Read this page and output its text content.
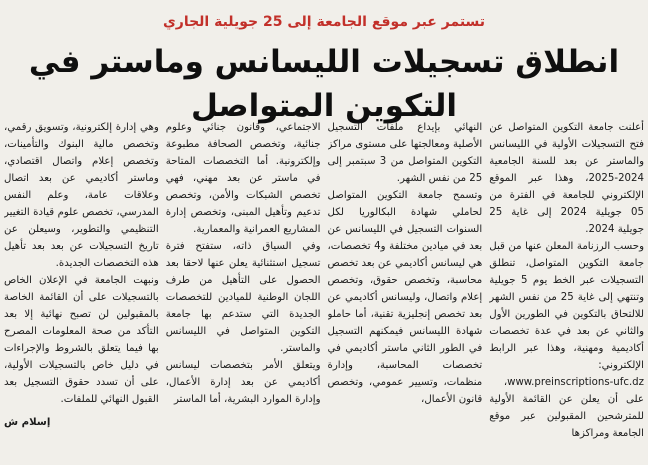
تستمر عبر موقع الجامعة إلى 25 جويلية الجاري
انطلاق تسجيلات الليسانس وماستر في التكوين المتواصل

أعلنت جامعة التكوين المتواصل عن فتح التسجيلات الأولية في الليسانس والماستر عن بعد للسنة الجامعية 2024-2025، وهذا عبر الموقع الإلكتروني للجامعة في الفترة من 05 جويلية 2024 إلى غاية 25 جويلية 2024.
وحسب الرزنامة المعلن عنها من قبل جامعة التكوين المتواصل، تنطلق التسجيلات عبر الخط يوم 5 جويلية وتنتهي إلى غاية 25 من نفس الشهر للالتحاق بالتكوين في الطورين الأول والثاني عن بعد في عدة تخصصات أكاديمية ومهنية، وهذا عبر الرابط الإلكتروني: www.preinscriptions-ufc.dz، على أن يعلن عن القائمة الأولية للمترشحين المقبولين عبر موقع الجامعة ومراكزها

النهائي بإيداع ملفات التسجيل الأصلية ومعالجتها على مستوى مراكز التكوين المتواصل من 3 سبتمبر إلى 25 من نفس الشهر.
وتسمح جامعة التكوين المتواصل لحاملي شهادة البكالوريا لكل السنوات التسجيل في الليسانس عن بعد في ميادين مختلفة و4 تخصصات، هي ليسانس أكاديمي عن بعد تخصص محاسبة، وتخصص حقوق، وتخصص إعلام واتصال، وليسانس أكاديمي عن بعد تخصص إنجليزية تقنية، أما حاملو شهادة الليسانس فيمكنهم التسجيل في الطور الثاني ماستر أكاديمي في تخصصات المحاسبة، وإدارة منظمات، وتسيير عمومي، وتخصص قانون الأعمال،

الاجتماعي، وقانون جنائي وعلوم جنائية، وتخصص الصحافة مطبوعة وإلكترونية. أما التخصصات المتاحة في ماستر عن بعد مهني، فهي تخصص الشبكات والأمن، وتخصص تدعيم وتأهيل المبنى، وتخصص إدارة المشاريع العمرانية والمعمارية.
وفي السياق ذاته، ستفتح فترة تسجيل استثنائية يعلن عنها لاحقا بعد الحصول على التأهيل من طرف اللجان الوطنية للميادين للتخصصات الجديدة التي ستدعم بها جامعة التكوين المتواصل في الليسانس والماستر.
ويتعلق الأمر بتخصصات ليسانس أكاديمي عن بعد إدارة الأعمال، وإدارة الموارد البشرية، أما الماستر

وهي إدارة إلكترونية، وتسويق رقمي، وتخصص مالية البنوك والتأمينات، وتخصص إعلام واتصال اقتصادي، وماستر أكاديمي عن بعد اتصال وعلاقات عامة، وعلم النفس المدرسي، تخصص علوم قيادة التغيير التنظيمي والتطوير، وسيعلن عن تاريخ التسجيلات عن بعد بعد تأهيل هذه التخصصات الجديدة.
ونبهت الجامعة في الإعلان الخاص بالتسجيلات على أن القائمة الخاصة بالمقبولين لن تصبح نهائية إلا بعد التأكد من صحة المعلومات المصرح بها فيما يتعلق بالشروط والإجراءات في دليل خاص بالتسجيلات الأولية، على أن تسدد حقوق التسجيل بعد القبول النهائي للملفات.

إسلام ش
